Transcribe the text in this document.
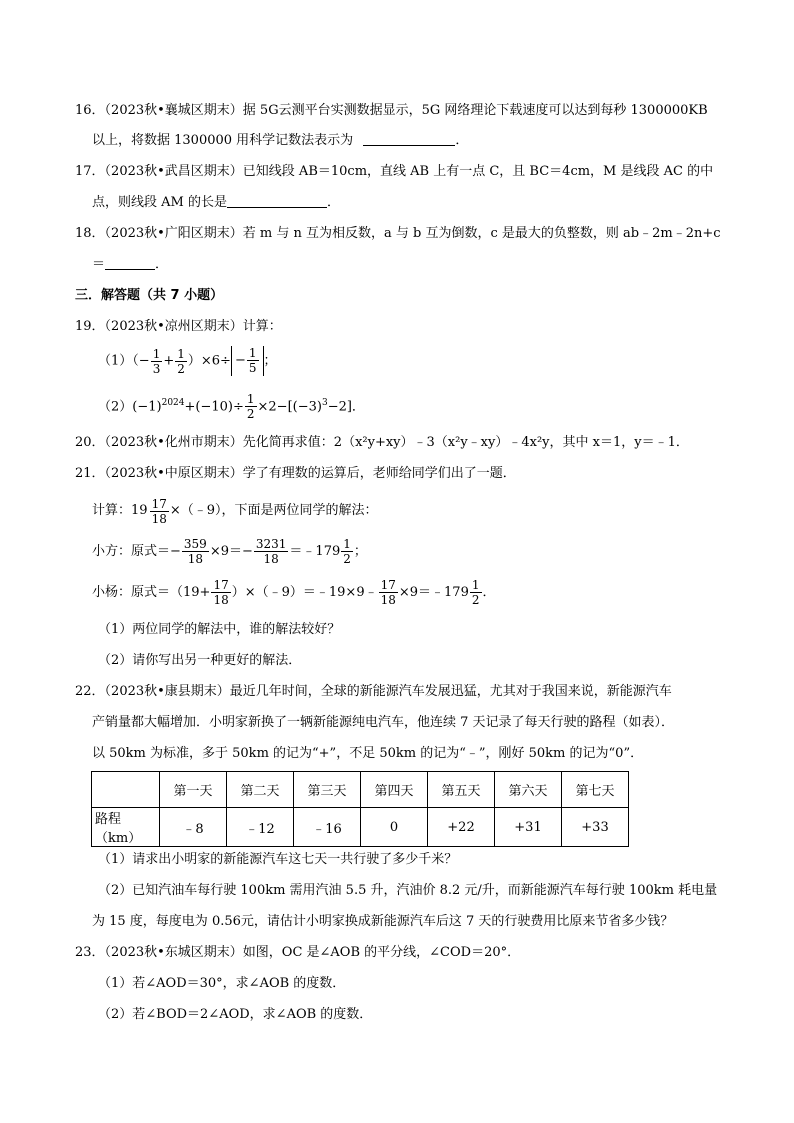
16．（2023秋•襄城区期末）据 5G云测平台实测数据显示，5G 网络理论下载速度可以达到每秒 1300000KB
以上，将数据 1300000 用科学记数法表示为	．
17．（2023秋•武昌区期末）已知线段 AB＝10cm，直线 AB 上有一点 C，且 BC＝4cm，M 是线段 AC 的中
点，则线段 AM 的长是	．
18．（2023秋•广阳区期末）若 m 与 n 互为相反数，a 与 b 互为倒数，c 是最大的负整数，则 ab﹣2m﹣2n+c
＝	．
三．解答题（共 7 小题）
19．（2023秋•凉州区期末）计算：
$(1)(- \frac{1}{3} + \frac{1}{2} )\times 6\div - \frac{1}{5}$ ；
$(2)(-1)^{2024}+(-10)\div \frac{1}{2} \times 2-[(-3)^3-2]$．
20．（2023秋•化州市期末）先化简再求值：2（x²y+xy）﹣3（x²y﹣xy）﹣4x²y，其中 x＝1，y＝﹣1．
21．（2023秋•中原区期末）学了有理数的运算后，老师给同学们出了一题．
计算： $19 \frac{17}{18}$ ×（﹣9），下面是两位同学的解法：
小方：原式＝− $\frac{359}{18} \times 9=- \frac{3231}{18}$ ＝﹣179 $\frac{1}{2}$ ；
小杨：原式$=(19+ \frac{17}{18}$ ）×（﹣9）＝﹣19×9﹣ $\frac{17}{18}$ ×9＝﹣179 $\frac{1}{2}$ ．
（1）两位同学的解法中，谁的解法较好？
（2）请你写出另一种更好的解法．
22．（2023秋•康县期末）最近几年时间，全球的新能源汽车发展迅猛，尤其对于我国来说，新能源汽车
产销量都大幅增加．小明家新换了一辆新能源纯电汽车，他连续 7 天记录了每天行驶的路程（如表）．
以 50km 为标准，多于 50km 的记为“+”，不足 50km 的记为“﹣”，刚好 50km 的记为“0”．
	第一天	第二天	第三天	第四天	第五天	第六天	第七天
路程（km）	﹣8	﹣12	﹣16	0	+22	+31	+33
（1）请求出小明家的新能源汽车这七天一共行驶了多少千米？
（2）已知汽油车每行驶 100km 需用汽油 5.5 升，汽油价 8.2 元/升，而新能源汽车每行驶 100km 耗电量
为 15 度，每度电为 0.56元，请估计小明家换成新能源汽车后这 7 天的行驶费用比原来节省多少钱？
23．（2023秋•东城区期末）如图，OC 是∠AOB 的平分线，∠COD＝20°．
（1）若∠AOD＝30°，求∠AOB 的度数．
（2）若∠BOD＝2∠AOD，求∠AOB 的度数．
